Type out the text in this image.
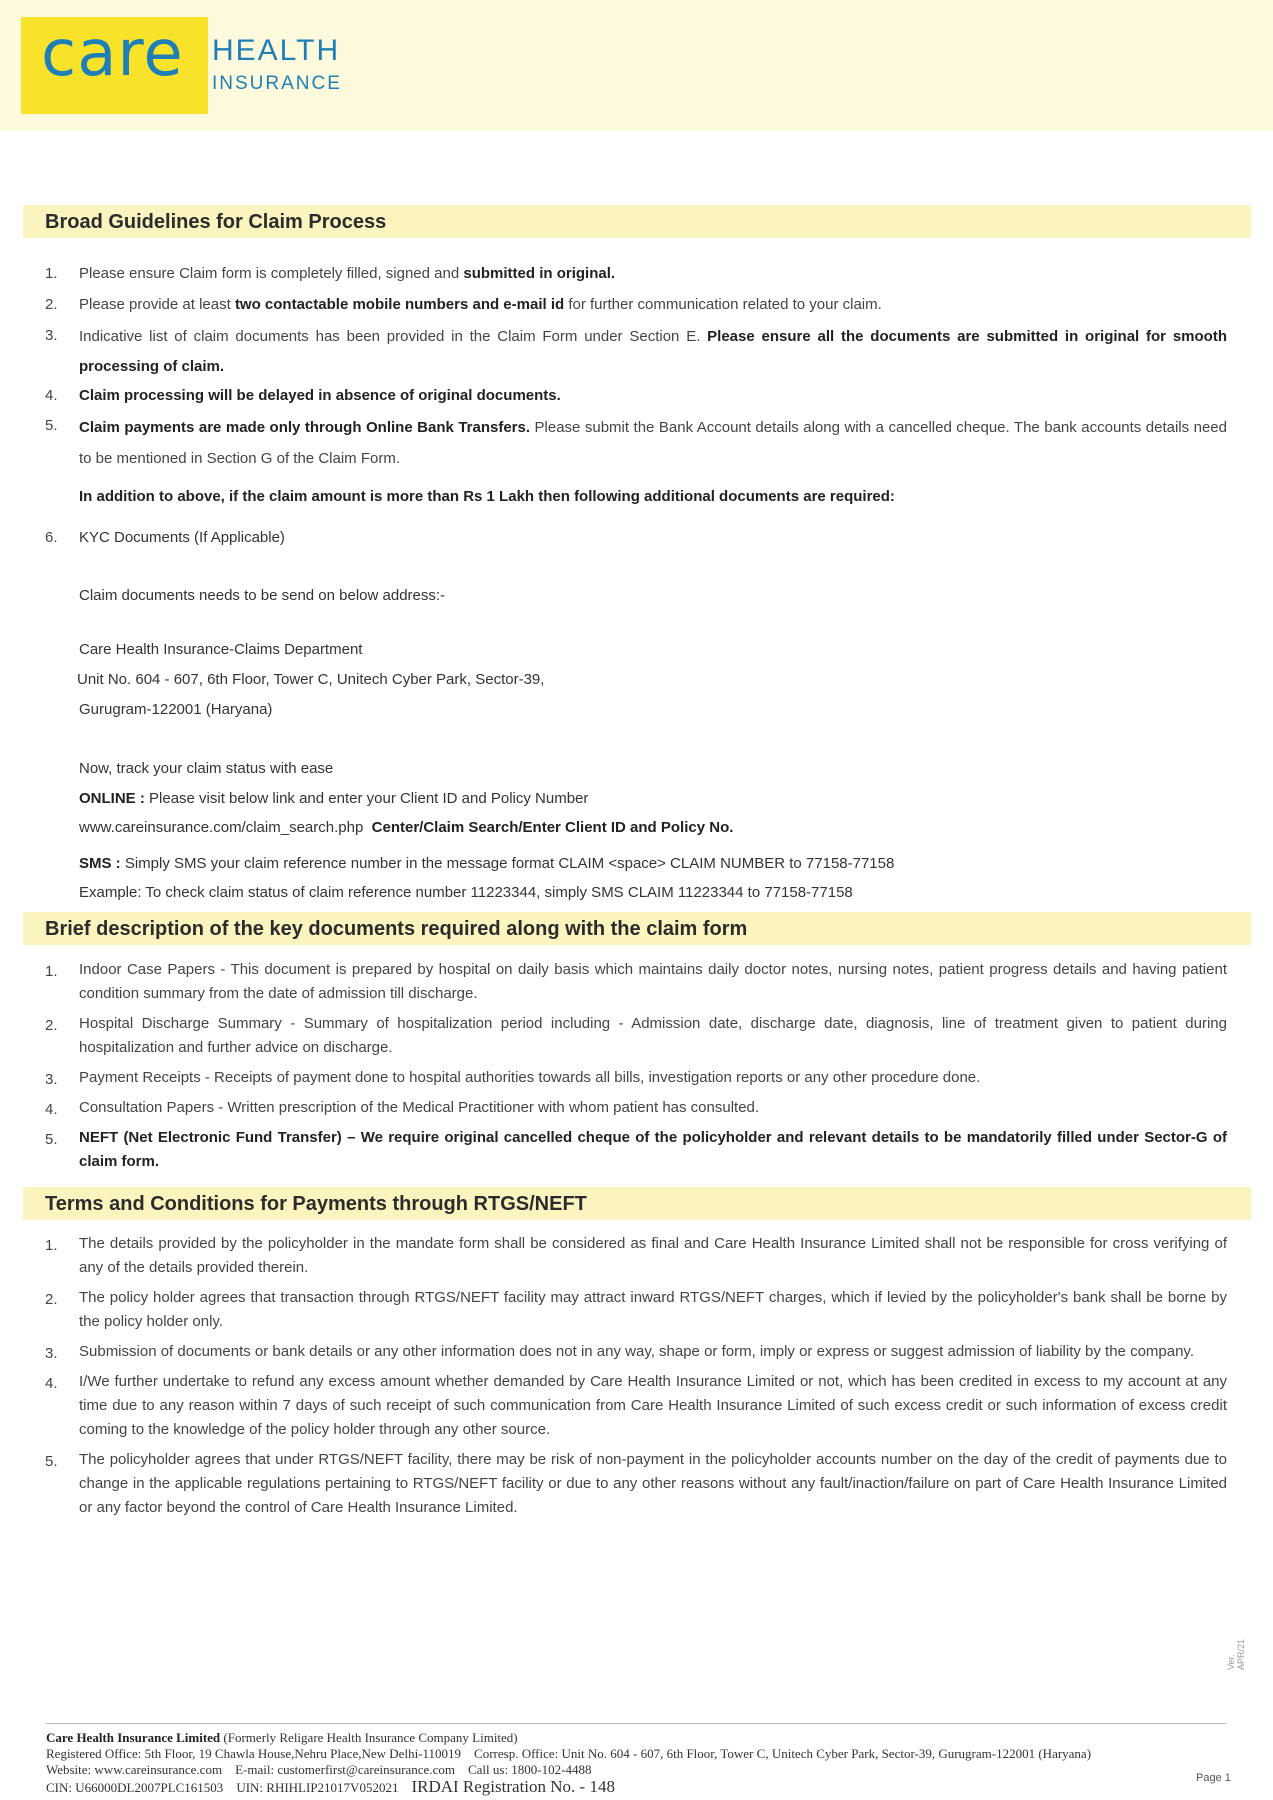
care HEALTH
INSURANCE
Broad Guidelines for Claim Process
1.	Please ensure Claim form is completely filled, signed and submitted in original.
2.	Please provide at least two contactable mobile numbers and e-mail id for further communication related to your claim.
3.	Indicative list of claim documents has been provided in the Claim Form under Section E. Please ensure all the documents are submitted in original for smooth processing of claim.
4.	Claim processing will be delayed in absence of original documents.
5.	Claim payments are made only through Online Bank Transfers. Please submit the Bank Account details along with a cancelled cheque. The bank accounts details need to be mentioned in Section G of the Claim Form.
In addition to above, if the claim amount is more than Rs 1 Lakh then following additional documents are required:
6.	KYC Documents (If Applicable)
Claim documents needs to be send on below address:-
Care Health Insurance-Claims Department
Unit No. 604 - 607, 6th Floor, Tower C, Unitech Cyber Park, Sector-39,
Gurugram-122001 (Haryana)
Now, track your claim status with ease
ONLINE : Please visit below link and enter your Client ID and Policy Number
www.careinsurance.com/claim_search.php Center/Claim Search/Enter Client ID and Policy No.
SMS : Simply SMS your claim reference number in the message format CLAIM <space> CLAIM NUMBER to 77158-77158
Example: To check claim status of claim reference number 11223344, simply SMS CLAIM 11223344 to 77158-77158
Brief description of the key documents required along with the claim form
1.	Indoor Case Papers - This document is prepared by hospital on daily basis which maintains daily doctor notes, nursing notes, patient progress details and having patient condition summary from the date of admission till discharge.
2.	Hospital Discharge Summary - Summary of hospitalization period including - Admission date, discharge date, diagnosis, line of treatment given to patient during hospitalization and further advice on discharge.
3.	Payment Receipts - Receipts of payment done to hospital authorities towards all bills, investigation reports or any other procedure done.
4.	Consultation Papers - Written prescription of the Medical Practitioner with whom patient has consulted.
5.	NEFT (Net Electronic Fund Transfer) – We require original cancelled cheque of the policyholder and relevant details to be mandatorily filled under Sector-G of claim form.
Terms and Conditions for Payments through RTGS/NEFT
1.	The details provided by the policyholder in the mandate form shall be considered as final and Care Health Insurance Limited shall not be responsible for cross verifying of any of the details provided therein.
2.	The policy holder agrees that transaction through RTGS/NEFT facility may attract inward RTGS/NEFT charges, which if levied by the policyholder's bank shall be borne by the policy holder only.
3.	Submission of documents or bank details or any other information does not in any way, shape or form, imply or express or suggest admission of liability by the company.
4.	I/We further undertake to refund any excess amount whether demanded by Care Health Insurance Limited or not, which has been credited in excess to my account at any time due to any reason within 7 days of such receipt of such communication from Care Health Insurance Limited of such excess credit or such information of excess credit coming to the knowledge of the policy holder through any other source.
5.	The policyholder agrees that under RTGS/NEFT facility, there may be risk of non-payment in the policyholder accounts number on the day of the credit of payments due to change in the applicable regulations pertaining to RTGS/NEFT facility or due to any other reasons without any fault/inaction/failure on part of Care Health Insurance Limited or any factor beyond the control of Care Health Insurance Limited.
Ver. APR/21
Care Health Insurance Limited (Formerly Religare Health Insurance Company Limited)
Registered Office: 5th Floor, 19 Chawla House,Nehru Place,New Delhi-110019 Corresp. Office: Unit No. 604 - 607, 6th Floor, Tower C, Unitech Cyber Park, Sector-39, Gurugram-122001 (Haryana)
Website: www.careinsurance.com E-mail: customerfirst@careinsurance.com Call us: 1800-102-4488
CIN: U66000DL2007PLC161503 UIN: RHIHLIP21017V052021 IRDAI Registration No. - 148	Page 1
